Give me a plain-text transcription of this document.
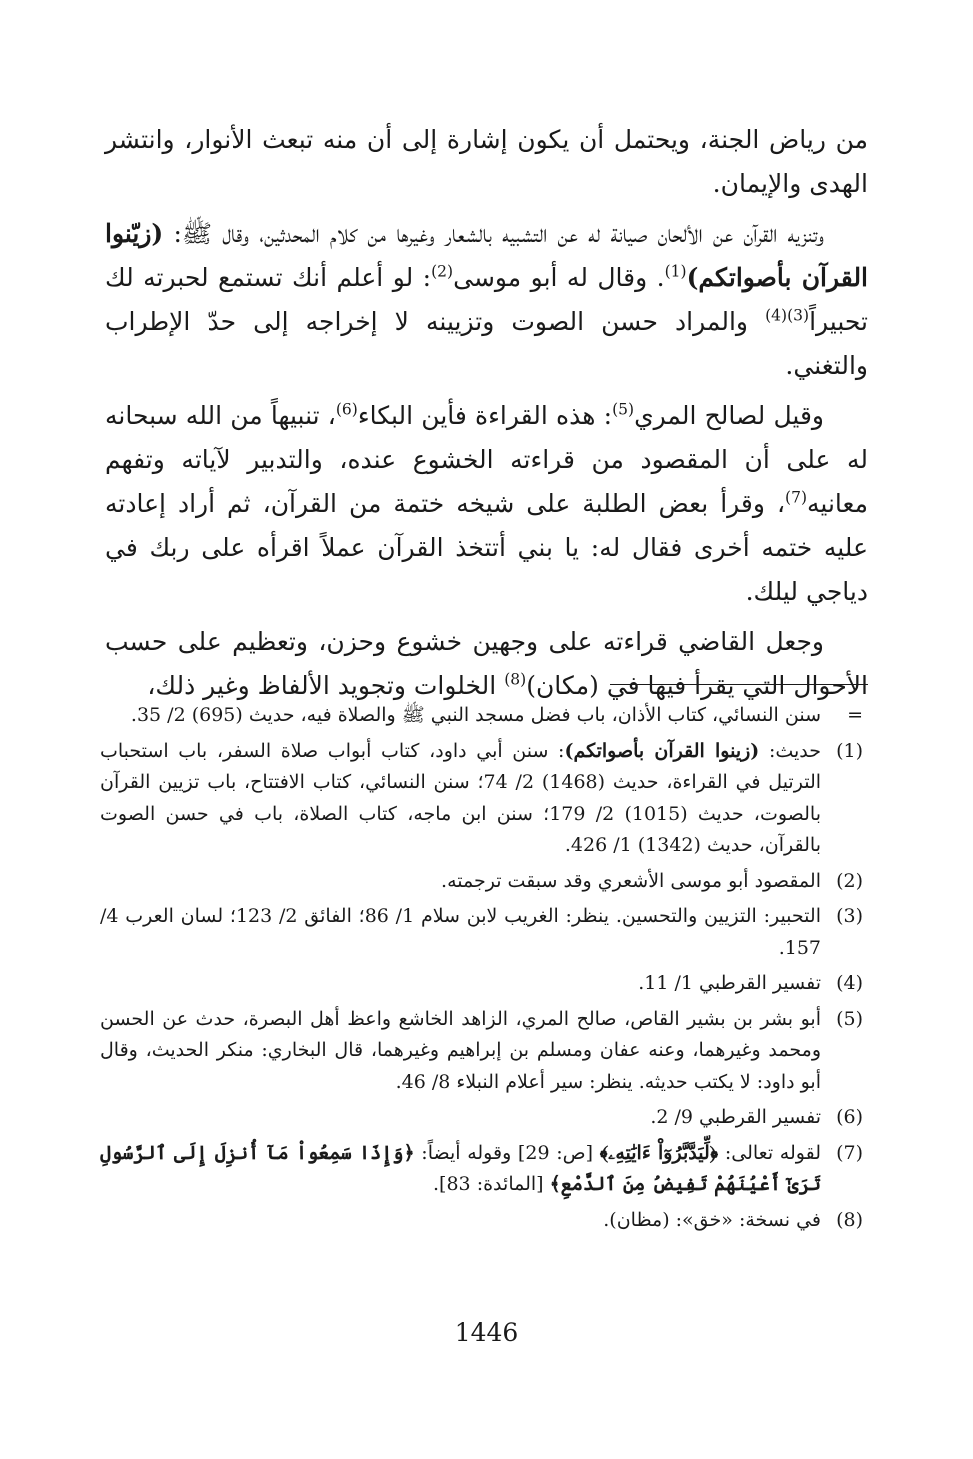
من رياض الجنة، ويحتمل أن يكون إشارة إلى أن منه تبعث الأنوار، وانتشر الهدى والإيمان.

وتنزيه القرآن عن الألحان صيانة له عن التشبيه بالشعار وغيرها من كلام المحدثين، وقال ﷺ: (زيّنوا القرآن بأصواتكم)$^{(1)}$. وقال له أبو موسى$^{(2)}$: لو أعلم أنك تستمع لحبرته لك تحبيراً$^{(3)(4)}$ والمراد حسن الصوت وتزيينه لا إخراجه إلى حدّ الإطراب والتغني.

وقيل لصالح المري$^{(5)}$: هذه القراءة فأين البكاء$^{(6)}$، تنبيهاً من الله سبحانه له على أن المقصود من قراءته الخشوع عنده، والتدبير لآياته وتفهم معانيه$^{(7)}$، وقرأ بعض الطلبة على شيخه ختمة من القرآن، ثم أراد إعادته عليه ختمه أخرى فقال له: يا بني أتتخذ القرآن عملاً اقرأه على ربك في دياجي ليلك.

وجعل القاضي قراءته على وجهين خشوع وحزن، وتعظيم على حسب الأحوال التي يقرأ فيها في (مكان)$^{(8)}$ الخلوات وتجويد الألفاظ وغير ذلك،

=
سنن النسائي، كتاب الأذان، باب فضل مسجد النبي ﷺ والصلاة فيه، حديث (695) 2/ 35.
(1)
حديث: (زينوا القرآن بأصواتكم): سنن أبي داود، كتاب أبواب صلاة السفر، باب استحباب الترتيل في القراءة، حديث (1468) 2/ 74؛ سنن النسائي، كتاب الافتتاح، باب تزيين القرآن بالصوت، حديث (1015) 2/ 179؛ سنن ابن ماجه، كتاب الصلاة، باب في حسن الصوت بالقرآن، حديث (1342) 1/ 426.
(2)
المقصود أبو موسى الأشعري وقد سبقت ترجمته.
(3)
التحبير: التزيين والتحسين. ينظر: الغريب لابن سلام 1/ 86؛ الفائق 2/ 123؛ لسان العرب 4/ 157.
(4)
تفسير القرطبي 1/ 11.
(5)
أبو بشر بن بشير القاص، صالح المري، الزاهد الخاشع واعظ أهل البصرة، حدث عن الحسن ومحمد وغيرهما، وعنه عفان ومسلم بن إبراهيم وغيرهما، قال البخاري: منكر الحديث، وقال أبو داود: لا يكتب حديثه. ينظر: سير أعلام النبلاء 8/ 46.
(6)
تفسير القرطبي 9/ 2.
(7)
لقوله تعالى: ﴿لِّيَدَّبَّرُوٓاْ ءَايَٰتِهِۦ﴾ [ص: 29] وقوله أيضاً: ﴿وَإِذَا سَمِعُواْ مَآ أُنزِلَ إِلَى ٱلرَّسُولِ تَرَىٰٓ أَعْيُنَهُمْ تَفِيضُ مِنَ ٱلدَّمْعِ﴾ [المائدة: 83].
(8)
في نسخة: «خق»: (مظان).
1446
